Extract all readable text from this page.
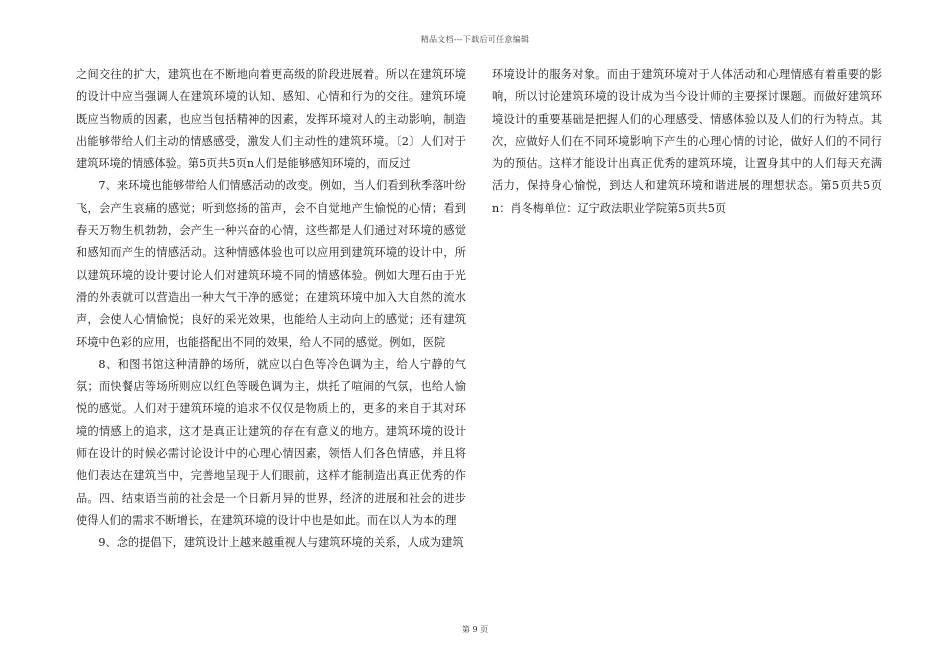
精品文档---下载后可任意编辑

之间交往的扩大，建筑也在不断地向着更高级的阶段进展着。所以在建筑环境的设计中应当强调人在建筑环境的认知、感知、心情和行为的交往。建筑环境既应当物质的因素，也应当包括精神的因素，发挥环境对人的主动影响，制造出能够带给人们主动的情感感受，激发人们主动性的建筑环境。〔2〕人们对于建筑环境的情感体验。第5页共5页n人们是能够感知环境的，而反过

7、来环境也能够带给人们情感活动的改变。例如，当人们看到秋季落叶纷飞，会产生哀痛的感觉；听到悠扬的笛声，会不自觉地产生愉悦的心情；看到春天万物生机勃勃，会产生一种兴奋的心情，这些都是人们通过对环境的感觉和感知而产生的情感活动。这种情感体验也可以应用到建筑环境的设计中，所以建筑环境的设计要讨论人们对建筑环境不同的情感体验。例如大理石由于光滑的外表就可以营造出一种大气干净的感觉；在建筑环境中加入大自然的流水声，会使人心情愉悦；良好的采光效果，也能给人主动向上的感觉；还有建筑环境中色彩的应用，也能搭配出不同的效果，给人不同的感觉。例如，医院

8、和图书馆这种清静的场所，就应以白色等冷色调为主，给人宁静的气氛；而快餐店等场所则应以红色等暖色调为主，烘托了喧闹的气氛，也给人愉悦的感觉。人们对于建筑环境的追求不仅仅是物质上的，更多的来自于其对环境的情感上的追求，这才是真正让建筑的存在有意义的地方。建筑环境的设计师在设计的时候必需讨论设计中的心理心情因素，领悟人们各色情感，并且将他们表达在建筑当中，完善地呈现于人们眼前，这样才能制造出真正优秀的作品。四、结束语当前的社会是一个日新月异的世界，经济的进展和社会的进步使得人们的需求不断增长，在建筑环境的设计中也是如此。而在以人为本的理

9、念的提倡下，建筑设计上越来越重视人与建筑环境的关系，人成为建筑

环境设计的服务对象。而由于建筑环境对于人体活动和心理情感有着重要的影响，所以讨论建筑环境的设计成为当今设计师的主要探讨课题。而做好建筑环境设计的重要基础是把握人们的心理感受、情感体验以及人们的行为特点。其次，应做好人们在不同环境影响下产生的心理心情的讨论，做好人们的不同行为的预估。这样才能设计出真正优秀的建筑环境，让置身其中的人们每天充满活力，保持身心愉悦，到达人和建筑环境和谐进展的理想状态。第5页共5页n：肖冬梅单位：辽宁政法职业学院第5页共5页

第 9 页
